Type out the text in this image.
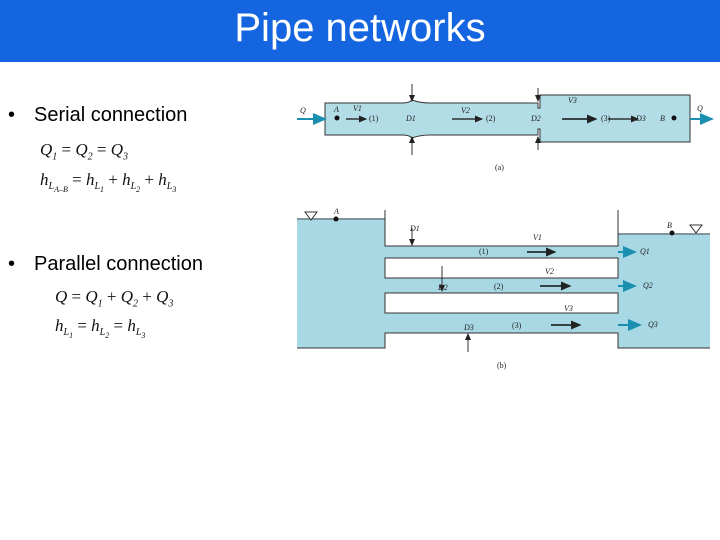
Pipe networks
• Serial connection
$Q_1 = Q_2 = Q_3$
$h_{L_{A-B}} = h_{L_1} + h_{L_2} + h_{L_3}$
• Parallel connection
$Q = Q_1 + Q_2 + Q_3$
$h_{L_1} = h_{L_2} = h_{L_3}$
Q	Q
A
B
V1
(1)	D1
V2
(2)	D2
V3
(3)	D3
(a)
A
B
D1
V1
(1)	Q1
V2
D2	(2)	Q2
V3
D3	(3)	Q3
(b)
